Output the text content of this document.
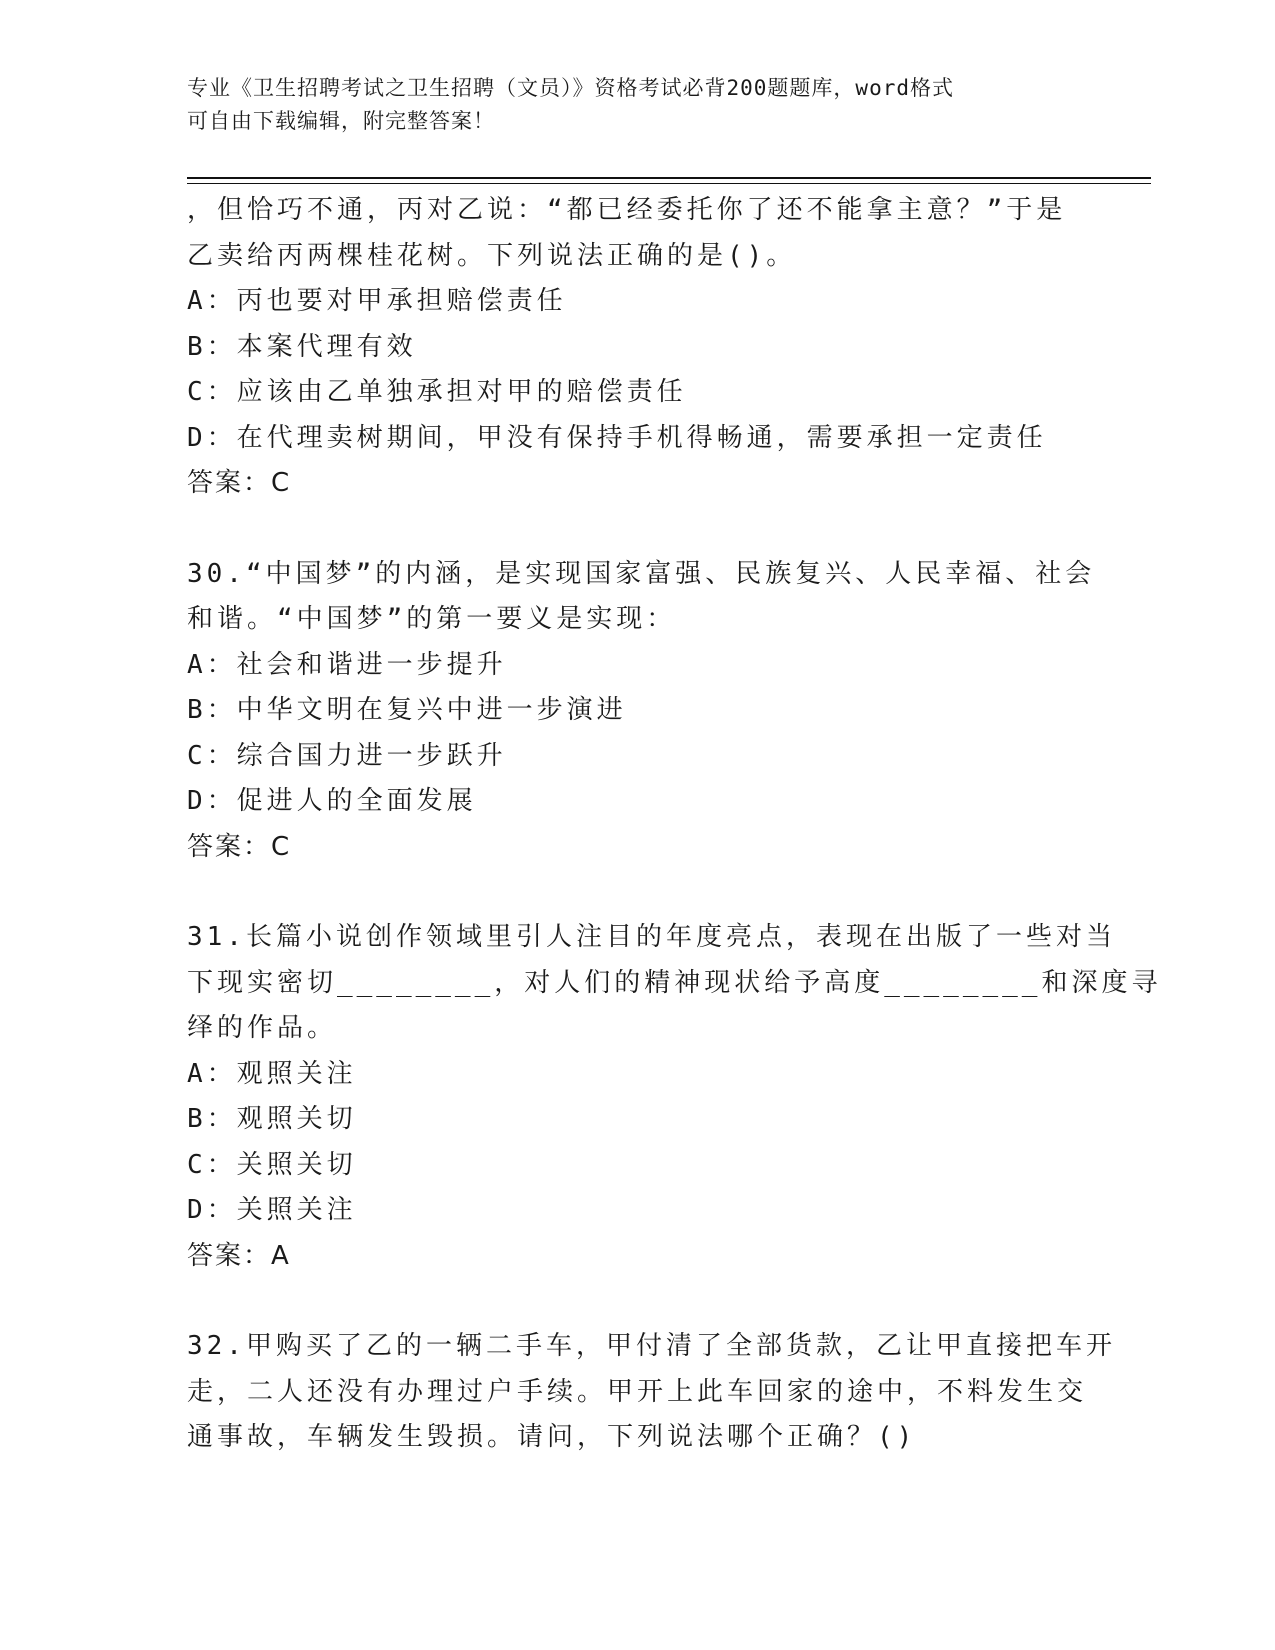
专业《卫生招聘考试之卫生招聘（文员）》资格考试必背200题题库，word格式
可自由下载编辑，附完整答案！
，但恰巧不通，丙对乙说：“都已经委托你了还不能拿主意？”于是
乙卖给丙两棵桂花树。下列说法正确的是()。
A：丙也要对甲承担赔偿责任
B：本案代理有效
C：应该由乙单独承担对甲的赔偿责任
D：在代理卖树期间，甲没有保持手机得畅通，需要承担一定责任
答案：C
30.“中国梦”的内涵，是实现国家富强、民族复兴、人民幸福、社会
和谐。“中国梦”的第一要义是实现：
A：社会和谐进一步提升
B：中华文明在复兴中进一步演进
C：综合国力进一步跃升
D：促进人的全面发展
答案：C
31.长篇小说创作领域里引人注目的年度亮点，表现在出版了一些对当
下现实密切________，对人们的精神现状给予高度________和深度寻
绎的作品。
A：观照关注
B：观照关切
C：关照关切
D：关照关注
答案：A
32.甲购买了乙的一辆二手车，甲付清了全部货款，乙让甲直接把车开
走，二人还没有办理过户手续。甲开上此车回家的途中，不料发生交
通事故，车辆发生毁损。请问，下列说法哪个正确？()
